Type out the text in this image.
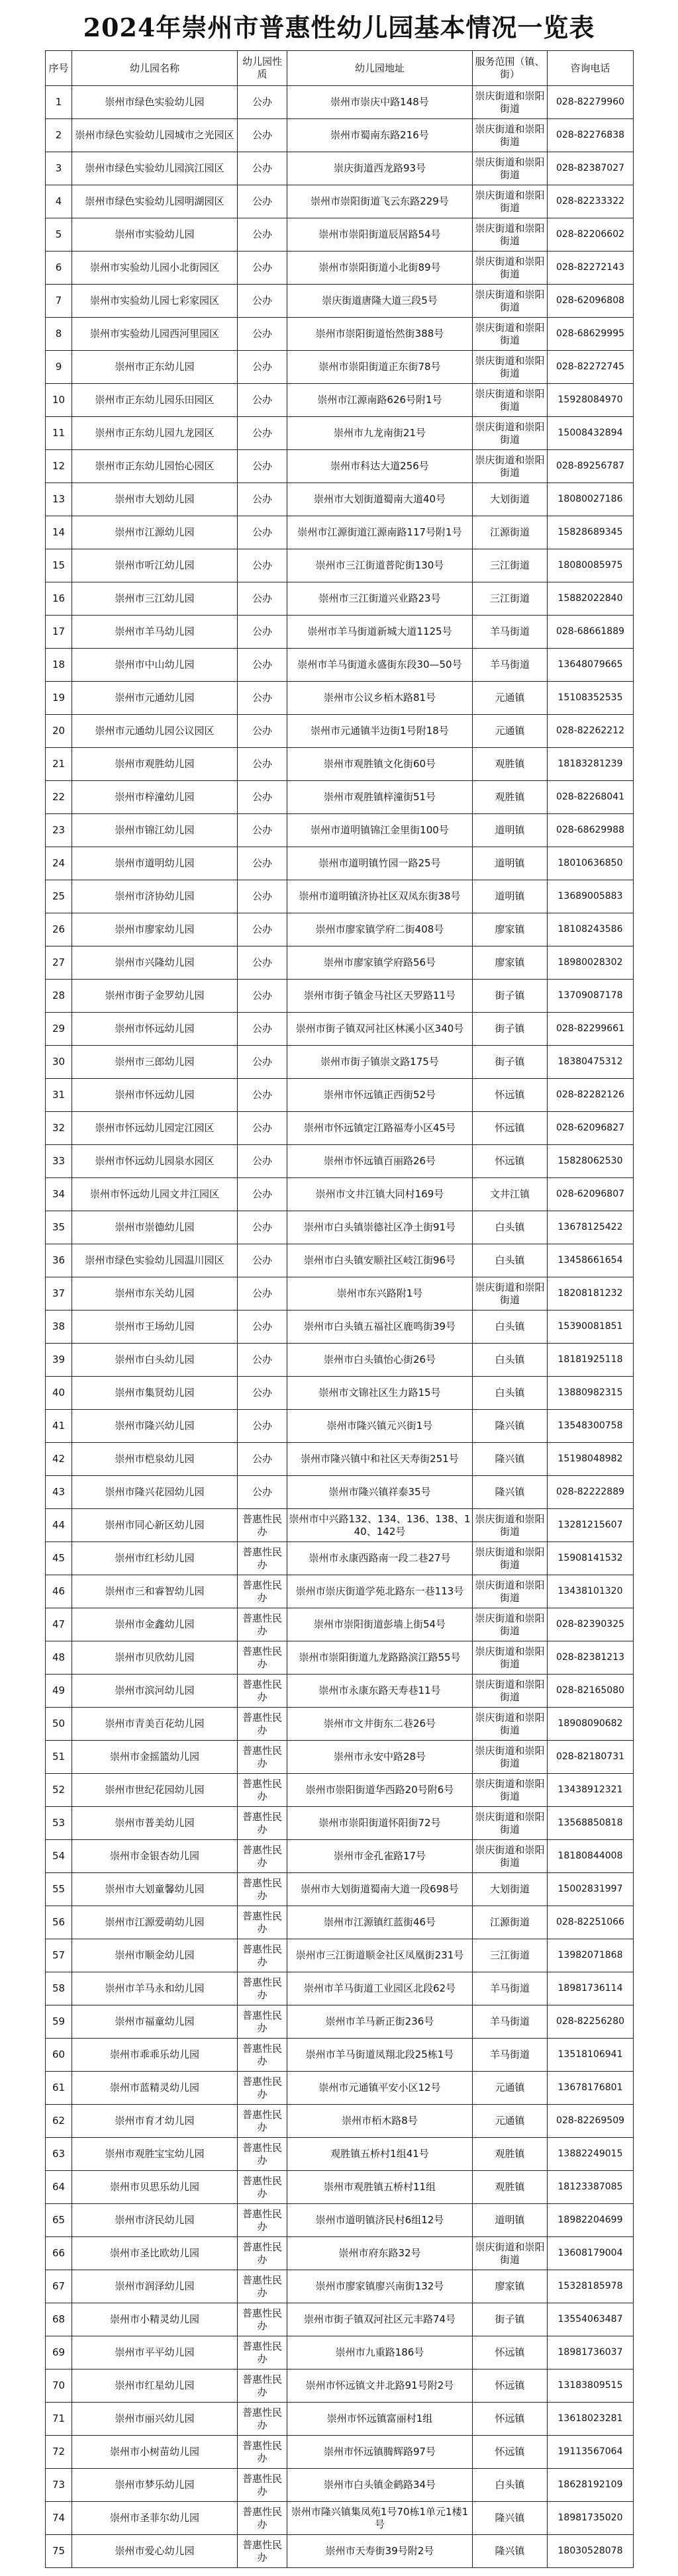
2024年崇州市普惠性幼儿园基本情况一览表
序号	幼儿园名称	幼儿园性质	幼儿园地址	服务范围（镇、街）	咨询电话
1	崇州市绿色实验幼儿园	公办	崇州市崇庆中路148号	崇庆街道和崇阳街道	028-82279960
2	崇州市绿色实验幼儿园城市之光园区	公办	崇州市蜀南东路216号	崇庆街道和崇阳街道	028-82276838
3	崇州市绿色实验幼儿园滨江园区	公办	崇庆街道西龙路93号	崇庆街道和崇阳街道	028-82387027
4	崇州市绿色实验幼儿园明湖园区	公办	崇州市崇阳街道飞云东路229号	崇庆街道和崇阳街道	028-82233322
5	崇州市实验幼儿园	公办	崇州市崇阳街道辰居路54号	崇庆街道和崇阳街道	028-82206602
6	崇州市实验幼儿园小北街园区	公办	崇州市崇阳街道小北街89号	崇庆街道和崇阳街道	028-82272143
7	崇州市实验幼儿园七彩家园区	公办	崇庆街道唐隆大道三段5号	崇庆街道和崇阳街道	028-62096808
8	崇州市实验幼儿园西河里园区	公办	崇州市崇阳街道怡然街388号	崇庆街道和崇阳街道	028-68629995
9	崇州市正东幼儿园	公办	崇州市崇阳街道正东街78号	崇庆街道和崇阳街道	028-82272745
10	崇州市正东幼儿园乐田园区	公办	崇州市江源南路626号附1号	崇庆街道和崇阳街道	15928084970
11	崇州市正东幼儿园九龙园区	公办	崇州市九龙南街21号	崇庆街道和崇阳街道	15008432894
12	崇州市正东幼儿园怡心园区	公办	崇州市科达大道256号	崇庆街道和崇阳街道	028-89256787
13	崇州市大划幼儿园	公办	崇州市大划街道蜀南大道40号	大划街道	18080027186
14	崇州市江源幼儿园	公办	崇州市江源街道江源南路117号附1号	江源街道	15828689345
15	崇州市听江幼儿园	公办	崇州市三江街道普陀街130号	三江街道	18080085975
16	崇州市三江幼儿园	公办	崇州市三江街道兴业路23号	三江街道	15882022840
17	崇州市羊马幼儿园	公办	崇州市羊马街道新城大道1125号	羊马街道	028-68661889
18	崇州市中山幼儿园	公办	崇州市羊马街道永盛街东段30—50号	羊马街道	13648079665
19	崇州市元通幼儿园	公办	崇州市公议乡栢木路81号	元通镇	15108352535
20	崇州市元通幼儿园公议园区	公办	崇州市元通镇半边街1号附18号	元通镇	028-82262212
21	崇州市观胜幼儿园	公办	崇州市观胜镇文化街60号	观胜镇	18183281239
22	崇州市梓潼幼儿园	公办	崇州市观胜镇梓潼街51号	观胜镇	028-82268041
23	崇州市锦江幼儿园	公办	崇州市道明镇锦江金里街100号	道明镇	028-68629988
24	崇州市道明幼儿园	公办	崇州市道明镇竹园一路25号	道明镇	18010636850
25	崇州市济协幼儿园	公办	崇州市道明镇济协社区双凤东街38号	道明镇	13689005883
26	崇州市廖家幼儿园	公办	崇州市廖家镇学府二街408号	廖家镇	18108243586
27	崇州市兴隆幼儿园	公办	崇州市廖家镇学府路56号	廖家镇	18980028302
28	崇州市街子金罗幼儿园	公办	崇州市街子镇金马社区天罗路11号	街子镇	13709087178
29	崇州市怀远幼儿园	公办	崇州市街子镇双河社区林溪小区340号	街子镇	028-82299661
30	崇州市三郎幼儿园	公办	崇州市街子镇崇文路175号	街子镇	18380475312
31	崇州市怀远幼儿园	公办	崇州市怀远镇正西街52号	怀远镇	028-82282126
32	崇州市怀远幼儿园定江园区	公办	崇州市怀远镇定江路福寿小区45号	怀远镇	028-62096827
33	崇州市怀远幼儿园泉水园区	公办	崇州市怀远镇百丽路26号	怀远镇	15828062530
34	崇州市怀远幼儿园文井江园区	公办	崇州市文井江镇大同村169号	文井江镇	028-62096807
35	崇州市崇德幼儿园	公办	崇州市白头镇崇德社区净土街91号	白头镇	13678125422
36	崇州市绿色实验幼儿园温川园区	公办	崇州市白头镇安顺社区岐江街96号	白头镇	13458661654
37	崇州市东关幼儿园	公办	崇州市东兴路附1号	崇庆街道和崇阳街道	18208181232
38	崇州市王场幼儿园	公办	崇州市白头镇五福社区鹿鸣街39号	白头镇	15390081851
39	崇州市白头幼儿园	公办	崇州市白头镇怡心街26号	白头镇	18181925118
40	崇州市集贤幼儿园	公办	崇州市文锦社区生力路15号	白头镇	13880982315
41	崇州市隆兴幼儿园	公办	崇州市隆兴镇元兴街1号	隆兴镇	13548300758
42	崇州市桤泉幼儿园	公办	崇州市隆兴镇中和社区天寿街251号	隆兴镇	15198048982
43	崇州市隆兴花园幼儿园	公办	崇州市隆兴镇祥泰35号	隆兴镇	028-82222889
44	崇州市同心新区幼儿园	普惠性民办	崇州市中兴路132、134、136、138、140、142号	崇庆街道和崇阳街道	13281215607
45	崇州市红杉幼儿园	普惠性民办	崇州市永康西路南一段二巷27号	崇庆街道和崇阳街道	15908141532
46	崇州市三和睿智幼儿园	普惠性民办	崇州市崇庆街道学苑北路东一巷113号	崇庆街道和崇阳街道	13438101320
47	崇州市金鑫幼儿园	普惠性民办	崇州市崇阳街道彭墙上街54号	崇庆街道和崇阳街道	028-82390325
48	崇州市贝欣幼儿园	普惠性民办	崇州市崇阳街道九龙路路滨江路55号	崇庆街道和崇阳街道	028-82381213
49	崇州市滨河幼儿园	普惠性民办	崇州市永康东路天寿巷11号	崇庆街道和崇阳街道	028-82165080
50	崇州市青美百花幼儿园	普惠性民办	崇州市文井街东二巷26号	崇庆街道和崇阳街道	18908090682
51	崇州市金摇篮幼儿园	普惠性民办	崇州市永安中路28号	崇庆街道和崇阳街道	028-82180731
52	崇州市世纪花园幼儿园	普惠性民办	崇州市崇阳街道华西路20号附6号	崇庆街道和崇阳街道	13438912321
53	崇州市普美幼儿园	普惠性民办	崇州市崇阳街道怀阳街72号	崇庆街道和崇阳街道	13568850818
54	崇州市金银杏幼儿园	普惠性民办	崇州市金孔雀路17号	崇庆街道和崇阳街道	18180844008
55	崇州市大划童馨幼儿园	普惠性民办	崇州市大划街道蜀南大道一段698号	大划街道	15002831997
56	崇州市江源爱萌幼儿园	普惠性民办	崇州市江源镇红蓝街46号	江源街道	028-82251066
57	崇州市顺金幼儿园	普惠性民办	崇州市三江街道顺金社区凤凰街231号	三江街道	13982071868
58	崇州市羊马永和幼儿园	普惠性民办	崇州市羊马街道工业园区北段62号	羊马街道	18981736114
59	崇州市福童幼儿园	普惠性民办	崇州市羊马新正街236号	羊马街道	028-82256280
60	崇州市乖乖乐幼儿园	普惠性民办	崇州市羊马街道凤翔北段25栋1号	羊马街道	13518106941
61	崇州市蓝精灵幼儿园	普惠性民办	崇州市元通镇平安小区12号	元通镇	13678176801
62	崇州市育才幼儿园	普惠性民办	崇州市栢木路8号	元通镇	028-82269509
63	崇州市观胜宝宝幼儿园	普惠性民办	观胜镇五桥村1组41号	观胜镇	13882249015
64	崇州市贝思乐幼儿园	普惠性民办	崇州市观胜镇五桥村11组	观胜镇	18123387085
65	崇州市济民幼儿园	普惠性民办	崇州市道明镇济民村6组12号	道明镇	18982204699
66	崇州市圣比欧幼儿园	普惠性民办	崇州市府东路32号	崇庆街道和崇阳街道	13608179004
67	崇州市润泽幼儿园	普惠性民办	崇州市廖家镇廖兴南街132号	廖家镇	15328185978
68	崇州市小精灵幼儿园	普惠性民办	崇州市街子镇双河社区元丰路74号	街子镇	13554063487
69	崇州市平平幼儿园	普惠性民办	崇州市九重路186号	怀远镇	18981736037
70	崇州市红星幼儿园	普惠性民办	崇州市怀远镇文井北路91号附2号	怀远镇	13183809515
71	崇州市丽兴幼儿园	普惠性民办	崇州市怀远镇富丽村1组	怀远镇	13618023281
72	崇州市小树苗幼儿园	普惠性民办	崇州市怀远镇腾辉路97号	怀远镇	19113567064
73	崇州市梦乐幼儿园	普惠性民办	崇州市白头镇金鹤路34号	白头镇	18628192109
74	崇州市圣菲尔幼儿园	普惠性民办	崇州市隆兴镇集凤苑1号70栋1单元1楼1号	隆兴镇	18981735020
75	崇州市爱心幼儿园	普惠性民办	崇州市天寿街39号附2号	隆兴镇	18030528078
